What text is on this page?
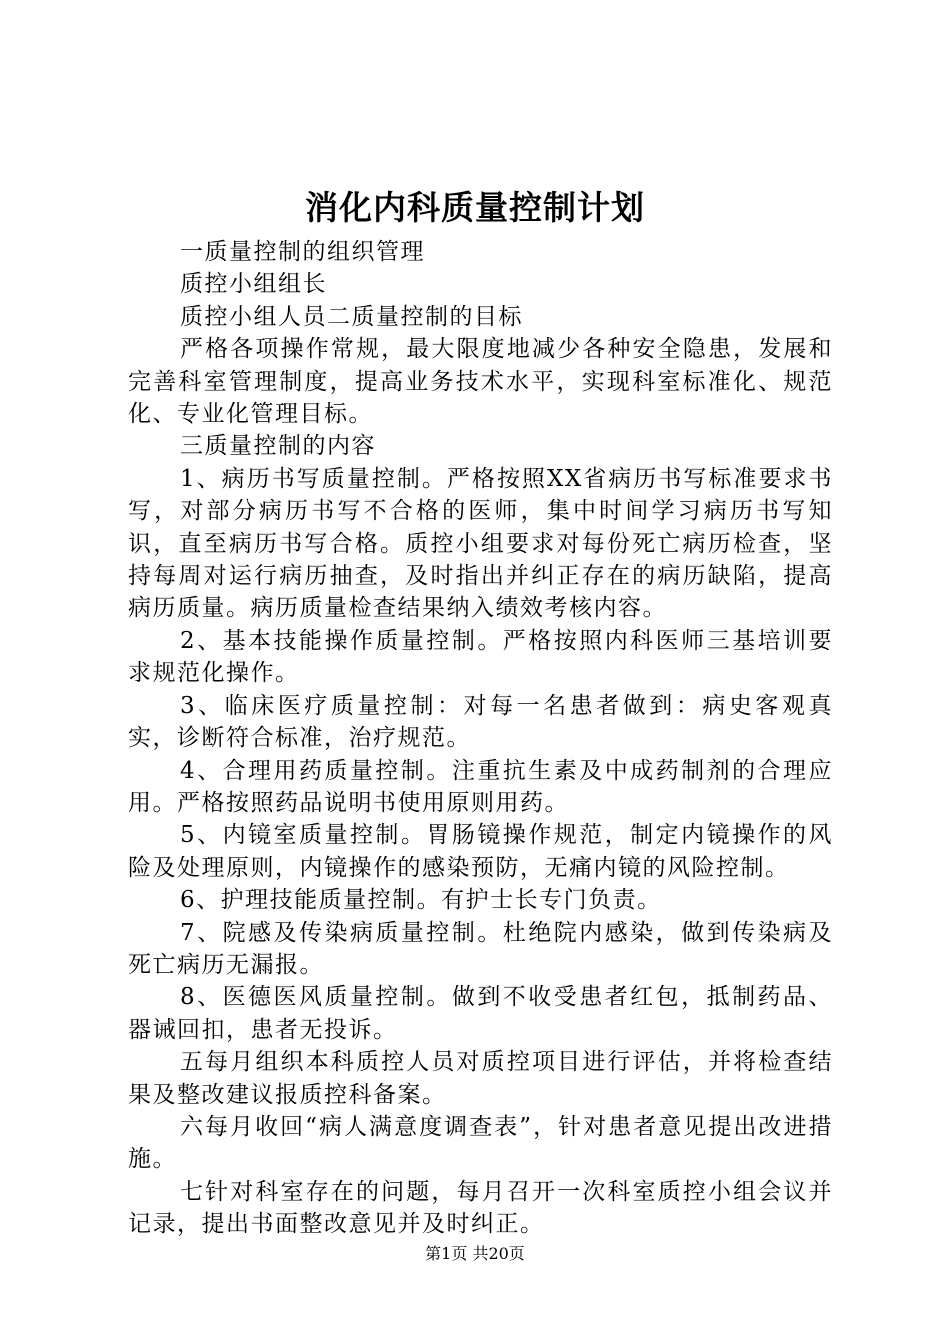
消化内科质量控制计划

一质量控制的组织管理

质控小组组长

质控小组人员二质量控制的目标

严格各项操作常规，最大限度地减少各种安全隐患，发展和完善科室管理制度，提高业务技术水平，实现科室标准化、规范化、专业化管理目标。

三质量控制的内容

1、病历书写质量控制。严格按照XX省病历书写标准要求书写，对部分病历书写不合格的医师，集中时间学习病历书写知识，直至病历书写合格。质控小组要求对每份死亡病历检查，坚持每周对运行病历抽查，及时指出并纠正存在的病历缺陷，提高病历质量。病历质量检查结果纳入绩效考核内容。

2、基本技能操作质量控制。严格按照内科医师三基培训要求规范化操作。

3、临床医疗质量控制：对每一名患者做到：病史客观真实，诊断符合标准，治疗规范。

4、合理用药质量控制。注重抗生素及中成药制剂的合理应用。严格按照药品说明书使用原则用药。

5、内镜室质量控制。胃肠镜操作规范，制定内镜操作的风险及处理原则，内镜操作的感染预防，无痛内镜的风险控制。

6、护理技能质量控制。有护士长专门负责。

7、院感及传染病质量控制。杜绝院内感染，做到传染病及死亡病历无漏报。

8、医德医风质量控制。做到不收受患者红包，抵制药品、器诫回扣，患者无投诉。

五每月组织本科质控人员对质控项目进行评估，并将检查结果及整改建议报质控科备案。

六每月收回“病人满意度调查表”，针对患者意见提出改进措施。

七针对科室存在的问题，每月召开一次科室质控小组会议并记录，提出书面整改意见并及时纠正。

第1页 共20页
